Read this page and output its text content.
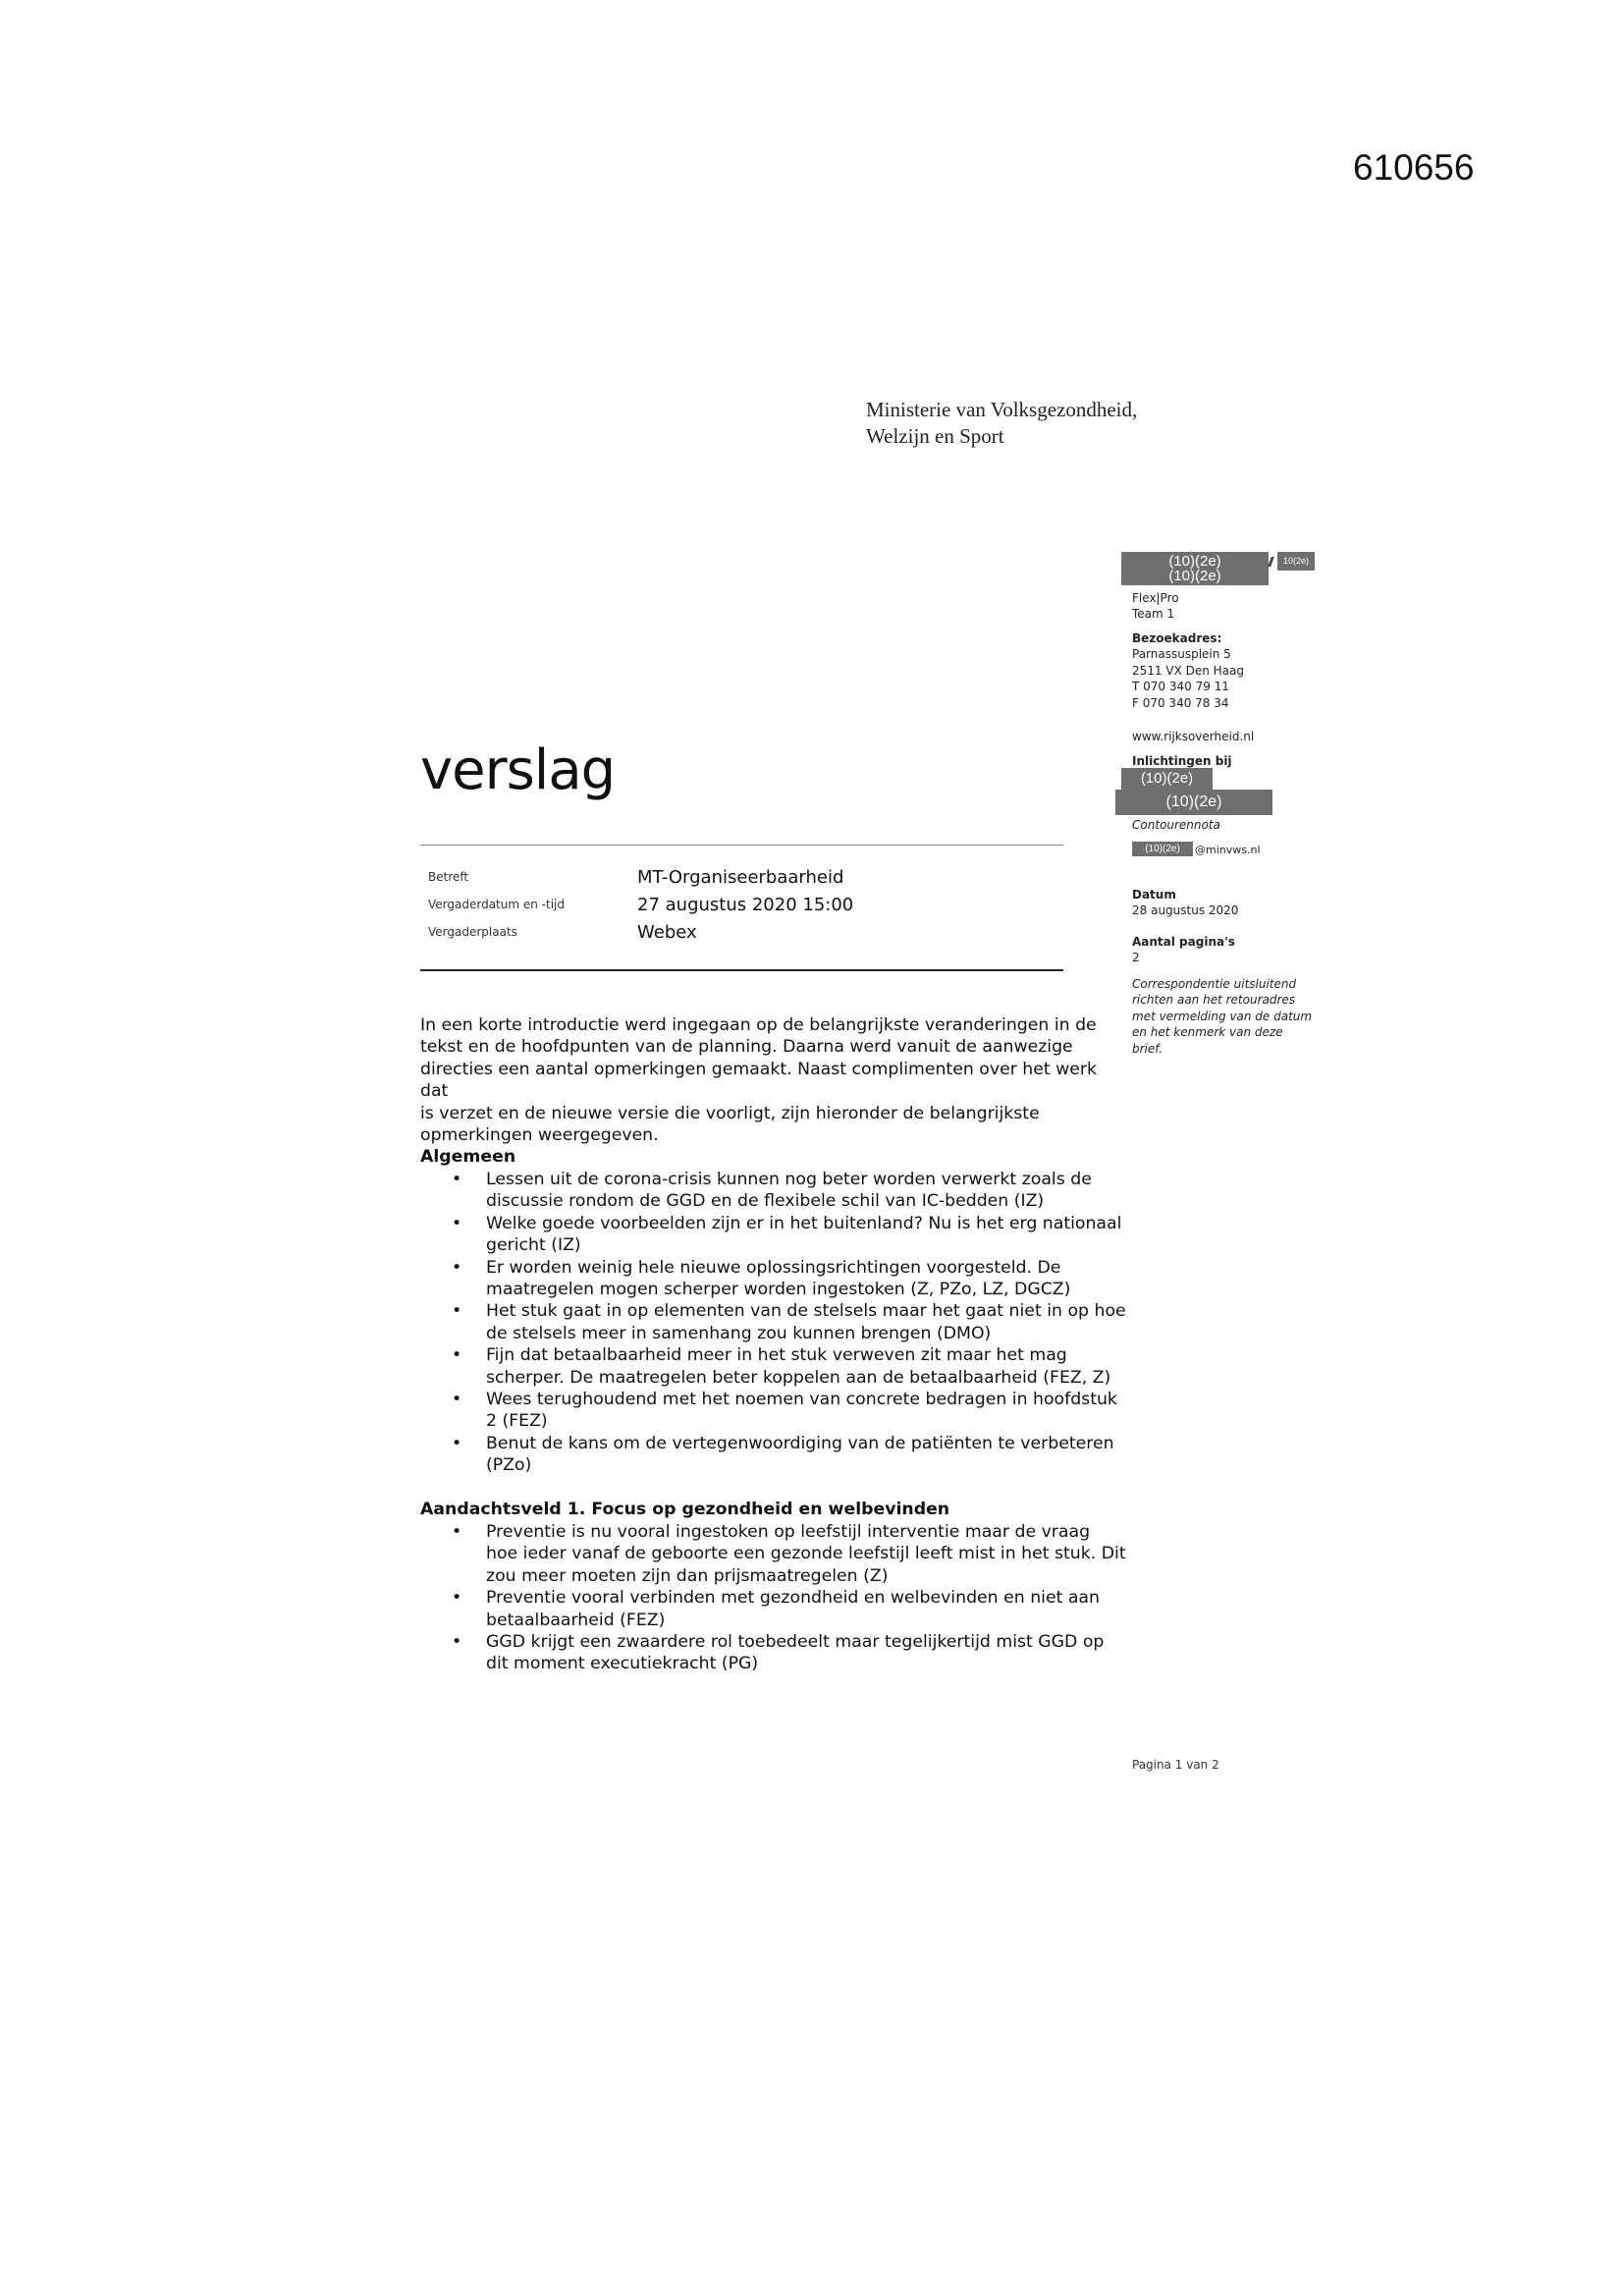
610656
Ministerie van Volksgezondheid,
Welzijn en Sport
(10)(2e)
(10)(2e)
10(2e)
Flex|Pro
Team 1
Bezoekadres:
Parnassusplein 5
2511 VX Den Haag
T 070 340 79 11
F 070 340 78 34
www.rijksoverheid.nl
Inlichtingen bij
(10)(2e)
(10)(2e)
Contourennota
(10)(2e)	@minvws.nl
Datum
28 augustus 2020
Aantal pagina's
2
Correspondentie uitsluitend
richten aan het retouradres
met vermelding van de datum
en het kenmerk van deze
brief.
verslag
Betreft	MT-Organiseerbaarheid
Vergaderdatum en -tijd	27 augustus 2020 15:00
Vergaderplaats	Webex
In een korte introductie werd ingegaan op de belangrijkste veranderingen in de
tekst en de hoofdpunten van de planning. Daarna werd vanuit de aanwezige
directies een aantal opmerkingen gemaakt. Naast complimenten over het werk dat
is verzet en de nieuwe versie die voorligt, zijn hieronder de belangrijkste
opmerkingen weergegeven.
Algemeen
• Lessen uit de corona-crisis kunnen nog beter worden verwerkt zoals de
discussie rondom de GGD en de flexibele schil van IC-bedden (IZ)
• Welke goede voorbeelden zijn er in het buitenland? Nu is het erg nationaal
gericht (IZ)
• Er worden weinig hele nieuwe oplossingsrichtingen voorgesteld. De
maatregelen mogen scherper worden ingestoken (Z, PZo, LZ, DGCZ)
• Het stuk gaat in op elementen van de stelsels maar het gaat niet in op hoe
de stelsels meer in samenhang zou kunnen brengen (DMO)
• Fijn dat betaalbaarheid meer in het stuk verweven zit maar het mag
scherper. De maatregelen beter koppelen aan de betaalbaarheid (FEZ, Z)
• Wees terughoudend met het noemen van concrete bedragen in hoofdstuk
2 (FEZ)
• Benut de kans om de vertegenwoordiging van de patiënten te verbeteren
(PZo)
Aandachtsveld 1. Focus op gezondheid en welbevinden
• Preventie is nu vooral ingestoken op leefstijl interventie maar de vraag
hoe ieder vanaf de geboorte een gezonde leefstijl leeft mist in het stuk. Dit
zou meer moeten zijn dan prijsmaatregelen (Z)
• Preventie vooral verbinden met gezondheid en welbevinden en niet aan
betaalbaarheid (FEZ)
• GGD krijgt een zwaardere rol toebedeelt maar tegelijkertijd mist GGD op
dit moment executiekracht (PG)
Pagina 1 van 2
